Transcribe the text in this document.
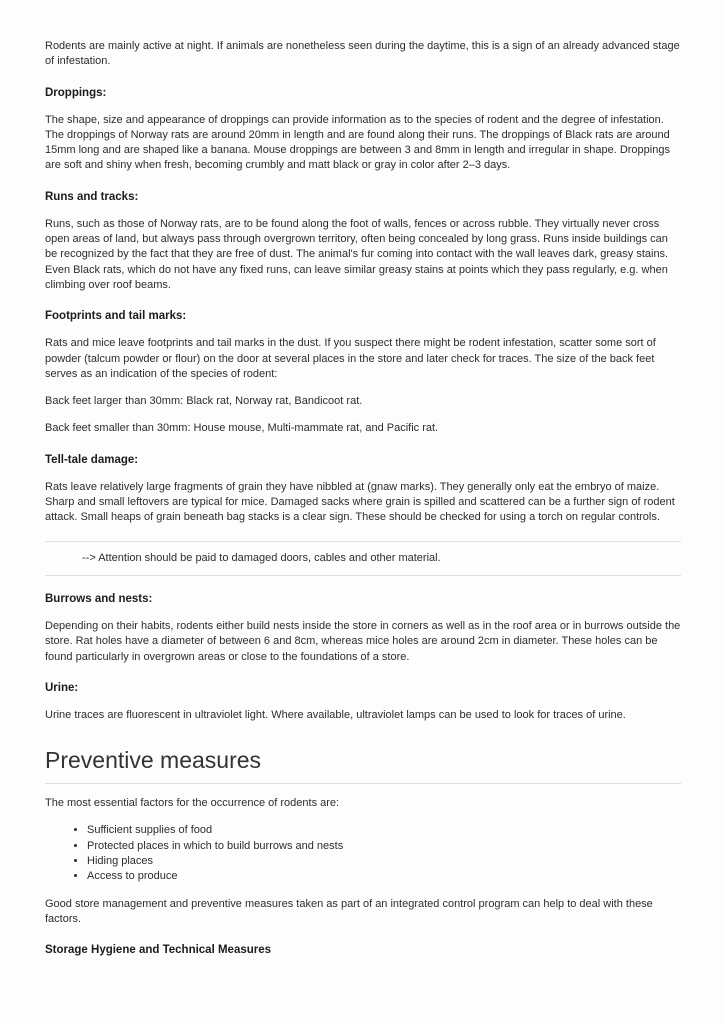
Rodents are mainly active at night. If animals are nonetheless seen during the daytime, this is a sign of an already advanced stage of infestation.

Droppings:

The shape, size and appearance of droppings can provide information as to the species of rodent and the degree of infestation. The droppings of Norway rats are around 20mm in length and are found along their runs. The droppings of Black rats are around 15mm long and are shaped like a banana. Mouse droppings are between 3 and 8mm in length and irregular in shape. Droppings are soft and shiny when fresh, becoming crumbly and matt black or gray in color after 2–3 days.

Runs and tracks:

Runs, such as those of Norway rats, are to be found along the foot of walls, fences or across rubble. They virtually never cross open areas of land, but always pass through overgrown territory, often being concealed by long grass. Runs inside buildings can be recognized by the fact that they are free of dust. The animal's fur coming into contact with the wall leaves dark, greasy stains. Even Black rats, which do not have any fixed runs, can leave similar greasy stains at points which they pass regularly, e.g. when climbing over roof beams.

Footprints and tail marks:

Rats and mice leave footprints and tail marks in the dust. If you suspect there might be rodent infestation, scatter some sort of powder (talcum powder or flour) on the door at several places in the store and later check for traces. The size of the back feet serves as an indication of the species of rodent:

Back feet larger than 30mm: Black rat, Norway rat, Bandicoot rat.

Back feet smaller than 30mm: House mouse, Multi-mammate rat, and Pacific rat.

Tell-tale damage:

Rats leave relatively large fragments of grain they have nibbled at (gnaw marks). They generally only eat the embryo of maize. Sharp and small leftovers are typical for mice. Damaged sacks where grain is spilled and scattered can be a further sign of rodent attack. Small heaps of grain beneath bag stacks is a clear sign. These should be checked for using a torch on regular controls.

--> Attention should be paid to damaged doors, cables and other material.

Burrows and nests:

Depending on their habits, rodents either build nests inside the store in corners as well as in the roof area or in burrows outside the store. Rat holes have a diameter of between 6 and 8cm, whereas mice holes are around 2cm in diameter. These holes can be found particularly in overgrown areas or close to the foundations of a store.

Urine:

Urine traces are fluorescent in ultraviolet light. Where available, ultraviolet lamps can be used to look for traces of urine.

Preventive measures

The most essential factors for the occurrence of rodents are:

• Sufficient supplies of food
• Protected places in which to build burrows and nests
• Hiding places
• Access to produce

Good store management and preventive measures taken as part of an integrated control program can help to deal with these factors.

Storage Hygiene and Technical Measures
